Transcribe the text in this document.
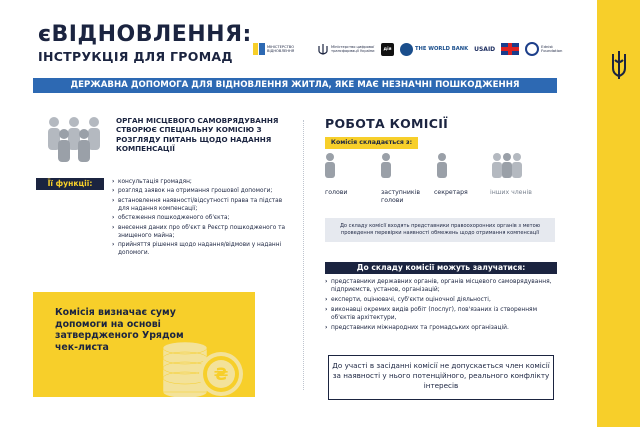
єВІДНОВЛЕННЯ:
ІНСТРУКЦІЯ ДЛЯ ГРОМАД
МІНІСТЕРСТВО ВІДНОВЛЕННЯ
Міністерство цифрової трансформації України	дія	THE WORLD BANK USAID	Ednist Foundation
ДЕРЖАВНА ДОПОМОГА ДЛЯ ВІДНОВЛЕННЯ ЖИТЛА, ЯКЕ МАЄ НЕЗНАЧНІ ПОШКОДЖЕННЯ
ОРГАН МІСЦЕВОГО САМОВРЯДУВАННЯ СТВОРЮЄ СПЕЦІАЛЬНУ КОМІСІЮ З РОЗГЛЯДУ ПИТАНЬ ЩОДО НАДАННЯ КОМПЕНСАЦІЇ
Її функції:
›	консультація громадян;
› розгляд заявок на отримання грошової допомоги;
› встановлення наявності/відсутності права та підстав для надання компенсації;
› обстеження пошкодженого об'єкта;
› внесення даних про об'єкт в Реєстр пошкодженого та знищеного майна;
› прийняття рішення щодо надання/відмови у наданні допомоги.
Комісія визначає суму допомоги на основі затвердженого Урядом чек-листа
₴
РОБОТА КОМІСІЇ
Комісія складається з:
голови	заступників голови
секретаря	інших членів
До складу комісії входять представники правоохоронних органів з метою проведення перевірки наявності обмежень щодо отримання компенсації
До складу комісії можуть залучатися:
› представники державних органів, органів місцевого самоврядування, підприємств, установ, організацій;
› експерти, оцінювачі, суб'єкти оціночної діяльності,
› виконавці окремих видів робіт (послуг), пов'язаних із створенням об'єктів архітектури,
› представники міжнародних та громадських організацій.
До участі в засіданні комісії не допускається член комісії за наявності у нього потенційного, реального конфлікту інтересів
